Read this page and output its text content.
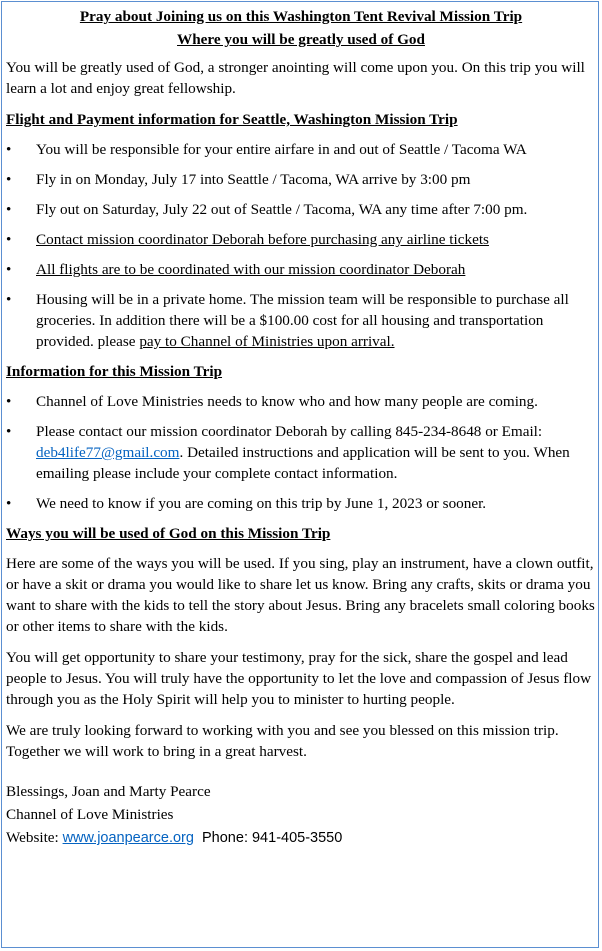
Pray about Joining us on this Washington Tent Revival Mission Trip
Where you will be greatly used of God

You will be greatly used of God, a stronger anointing will come upon you. On this trip you will learn a lot and enjoy great fellowship.

Flight and Payment information for Seattle, Washington Mission Trip
• You will be responsible for your entire airfare in and out of Seattle / Tacoma WA
• Fly in on Monday, July 17 into Seattle / Tacoma, WA arrive by 3:00 pm
• Fly out on Saturday, July 22 out of Seattle / Tacoma, WA any time after 7:00 pm.
• Contact mission coordinator Deborah before purchasing any airline tickets
• All flights are to be coordinated with our mission coordinator Deborah
• Housing will be in a private home. The mission team will be responsible to purchase all groceries. In addition there will be a $100.00 cost for all housing and transportation provided. please pay to Channel of Ministries upon arrival.
Information for this Mission Trip
• Channel of Love Ministries needs to know who and how many people are coming.
• Please contact our mission coordinator Deborah by calling 845-234-8648 or Email: deb4life77@gmail.com. Detailed instructions and application will be sent to you. When emailing please include your complete contact information.
• We need to know if you are coming on this trip by June 1, 2023 or sooner.
Ways you will be used of God on this Mission Trip

Here are some of the ways you will be used. If you sing, play an instrument, have a clown outfit, or have a skit or drama you would like to share let us know. Bring any crafts, skits or drama you want to share with the kids to tell the story about Jesus. Bring any bracelets small coloring books or other items to share with the kids.

You will get opportunity to share your testimony, pray for the sick, share the gospel and lead people to Jesus. You will truly have the opportunity to let the love and compassion of Jesus flow through you as the Holy Spirit will help you to minister to hurting people.

We are truly looking forward to working with you and see you blessed on this mission trip. Together we will work to bring in a great harvest.

Blessings, Joan and Marty Pearce

Channel of Love Ministries

Website: www.joanpearce.org  Phone: 941-405-3550
